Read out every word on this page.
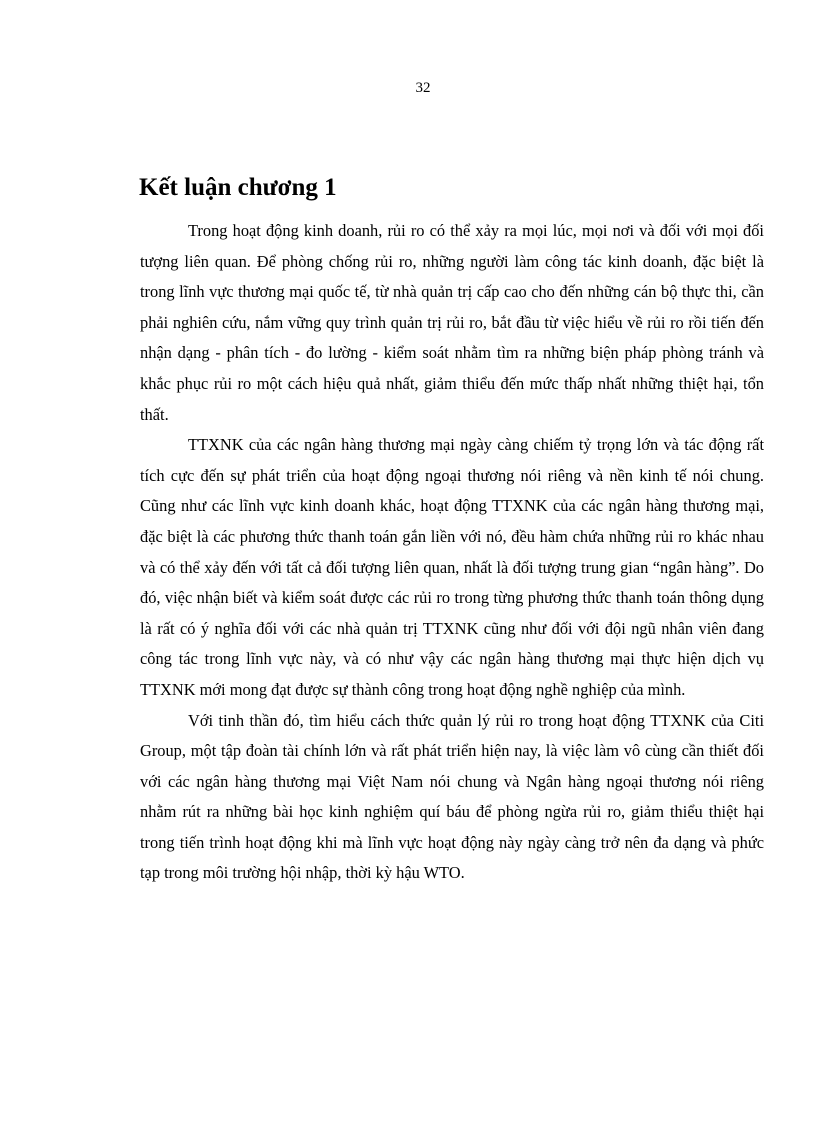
32
Kết luận chương 1

Trong hoạt động kinh doanh, rủi ro có thể xảy ra mọi lúc, mọi nơi và đối với mọi đối tượng liên quan. Để phòng chống rủi ro, những người làm công tác kinh doanh, đặc biệt là trong lĩnh vực thương mại quốc tế, từ nhà quản trị cấp cao cho đến những cán bộ thực thi, cần phải nghiên cứu, nắm vững quy trình quản trị rủi ro, bắt đầu từ việc hiểu về rủi ro rồi tiến đến nhận dạng - phân tích - đo lường - kiểm soát nhằm tìm ra những biện pháp phòng tránh và khắc phục rủi ro một cách hiệu quả nhất, giảm thiểu đến mức thấp nhất những thiệt hại, tổn thất.

TTXNK của các ngân hàng thương mại ngày càng chiếm tỷ trọng lớn và tác động rất tích cực đến sự phát triển của hoạt động ngoại thương nói riêng và nền kinh tế nói chung. Cũng như các lĩnh vực kinh doanh khác, hoạt động TTXNK của các ngân hàng thương mại, đặc biệt là các phương thức thanh toán gắn liền với nó, đều hàm chứa những rủi ro khác nhau và có thể xảy đến với tất cả đối tượng liên quan, nhất là đối tượng trung gian “ngân hàng”. Do đó, việc nhận biết và kiểm soát được các rủi ro trong từng phương thức thanh toán thông dụng là rất có ý nghĩa đối với các nhà quản trị TTXNK cũng như đối với đội ngũ nhân viên đang công tác trong lĩnh vực này, và có như vậy các ngân hàng thương mại thực hiện dịch vụ TTXNK mới mong đạt được sự thành công trong hoạt động nghề nghiệp của mình.

Với tinh thần đó, tìm hiểu cách thức quản lý rủi ro trong hoạt động TTXNK của Citi Group, một tập đoàn tài chính lớn và rất phát triển hiện nay, là việc làm vô cùng cần thiết đối với các ngân hàng thương mại Việt Nam nói chung và Ngân hàng ngoại thương nói riêng nhằm rút ra những bài học kinh nghiệm quí báu để phòng ngừa rủi ro, giảm thiểu thiệt hại trong tiến trình hoạt động khi mà lĩnh vực hoạt động này ngày càng trở nên đa dạng và phức tạp trong môi trường hội nhập, thời kỳ hậu WTO.
